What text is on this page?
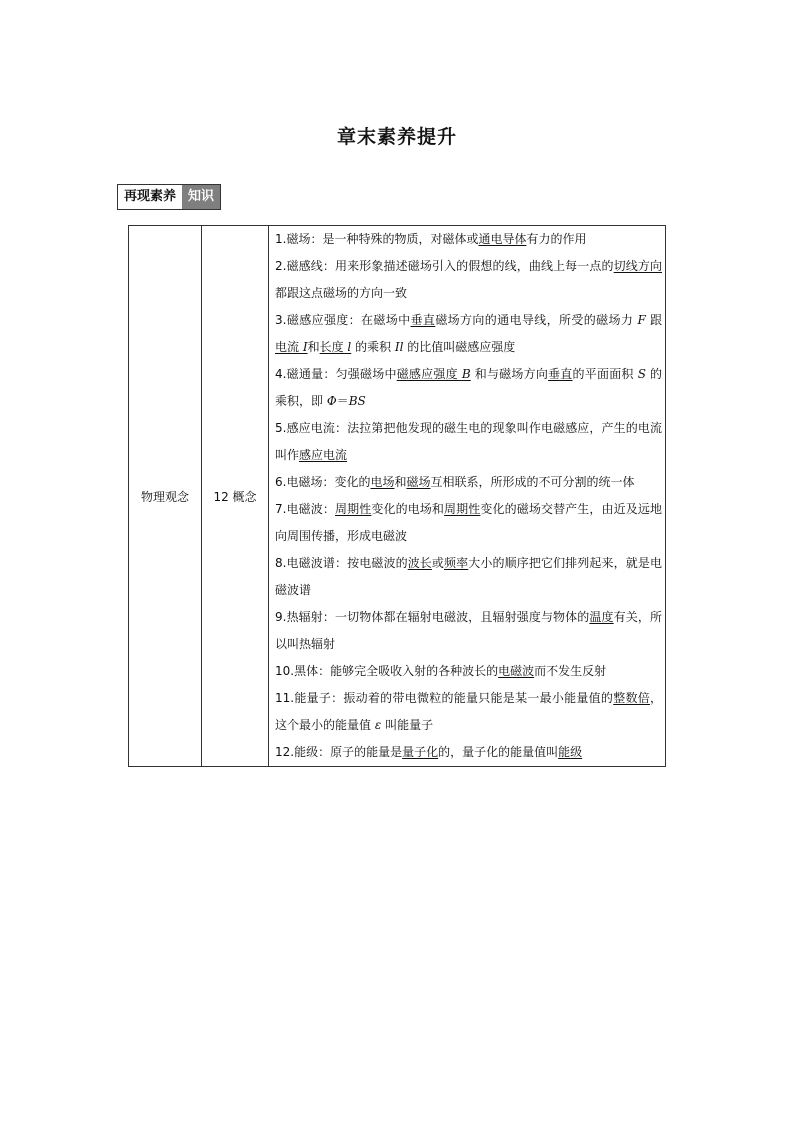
章末素养提升
再现素养 知识
物理观念	12 概念	
1.磁场：是一种特殊的物质，对磁体或通电导体有力的作用
2.磁感线：用来形象描述磁场引入的假想的线，曲线上每一点的切线方向都跟这点磁场的方向一致
3.磁感应强度：在磁场中垂直磁场方向的通电导线，所受的磁场力 F 跟电流 I和长度 l 的乘积 Il 的比值叫磁感应强度
4.磁通量：匀强磁场中磁感应强度 B 和与磁场方向垂直的平面面积 S 的乘积，即 Φ＝BS
5.感应电流：法拉第把他发现的磁生电的现象叫作电磁感应，产生的电流叫作感应电流
6.电磁场：变化的电场和磁场互相联系，所形成的不可分割的统一体
7.电磁波：周期性变化的电场和周期性变化的磁场交替产生，由近及远地向周围传播，形成电磁波
8.电磁波谱：按电磁波的波长或频率大小的顺序把它们排列起来，就是电磁波谱
9.热辐射：一切物体都在辐射电磁波，且辐射强度与物体的温度有关，所以叫热辐射
10.黑体：能够完全吸收入射的各种波长的电磁波而不发生反射
11.能量子：振动着的带电微粒的能量只能是某一最小能量值的整数倍，这个最小的能量值 ε 叫能量子
12.能级：原子的能量是量子化的，量子化的能量值叫能级
